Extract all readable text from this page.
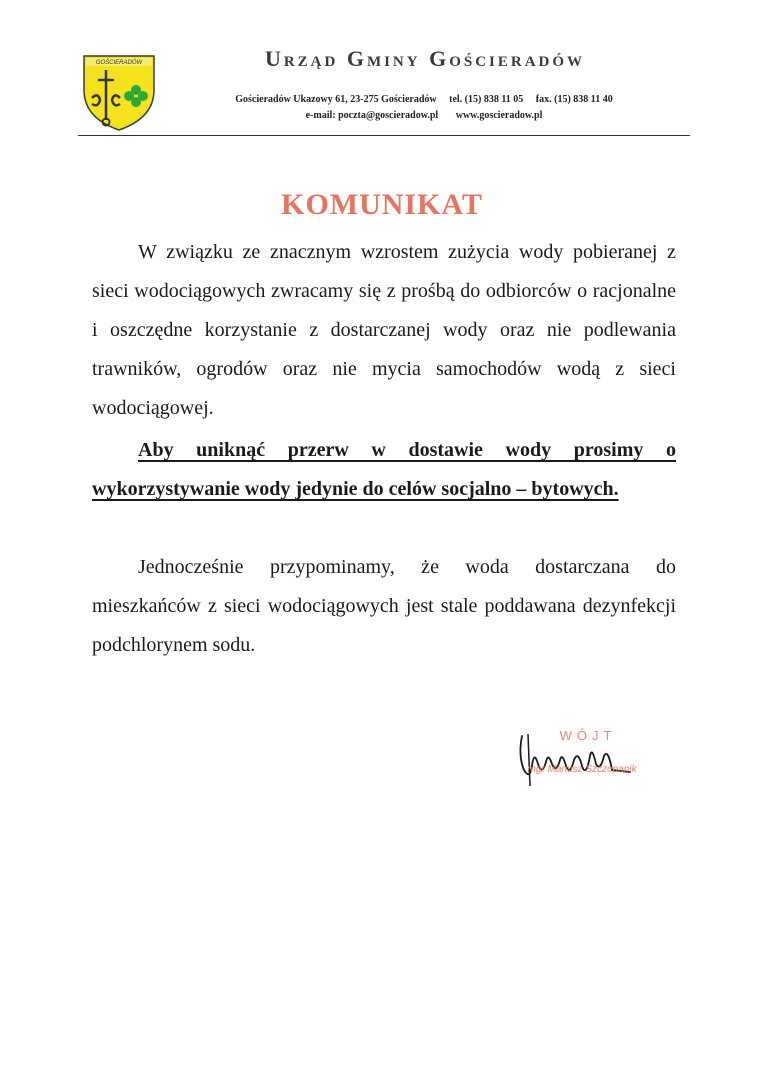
GOŚCIERADÓW	Urząd Gminy Gościeradów
Gościeradów Ukazowy 61, 23-275 Gościeradów tel. (15) 838 11 05 fax. (15) 838 11 40
e-mail: poczta@goscieradow.pl www.goscieradow.pl
KOMUNIKAT

W związku ze znacznym wzrostem zużycia wody pobieranej z sieci wodociągowych zwracamy się z prośbą do odbiorców o racjonalne i oszczędne korzystanie z dostarczanej wody oraz nie podlewania trawników, ogrodów oraz nie mycia samochodów wodą z sieci wodociągowej.

Aby uniknąć przerw w dostawie wody prosimy o wykorzystywanie wody jedynie do celów socjalno – bytowych.

Jednocześnie przypominamy, że woda dostarczana do mieszkańców z sieci wodociągowych jest stale poddawana dezynfekcji podchlorynem sodu.

WÓJT
mgr Mariusz Szczepanik
